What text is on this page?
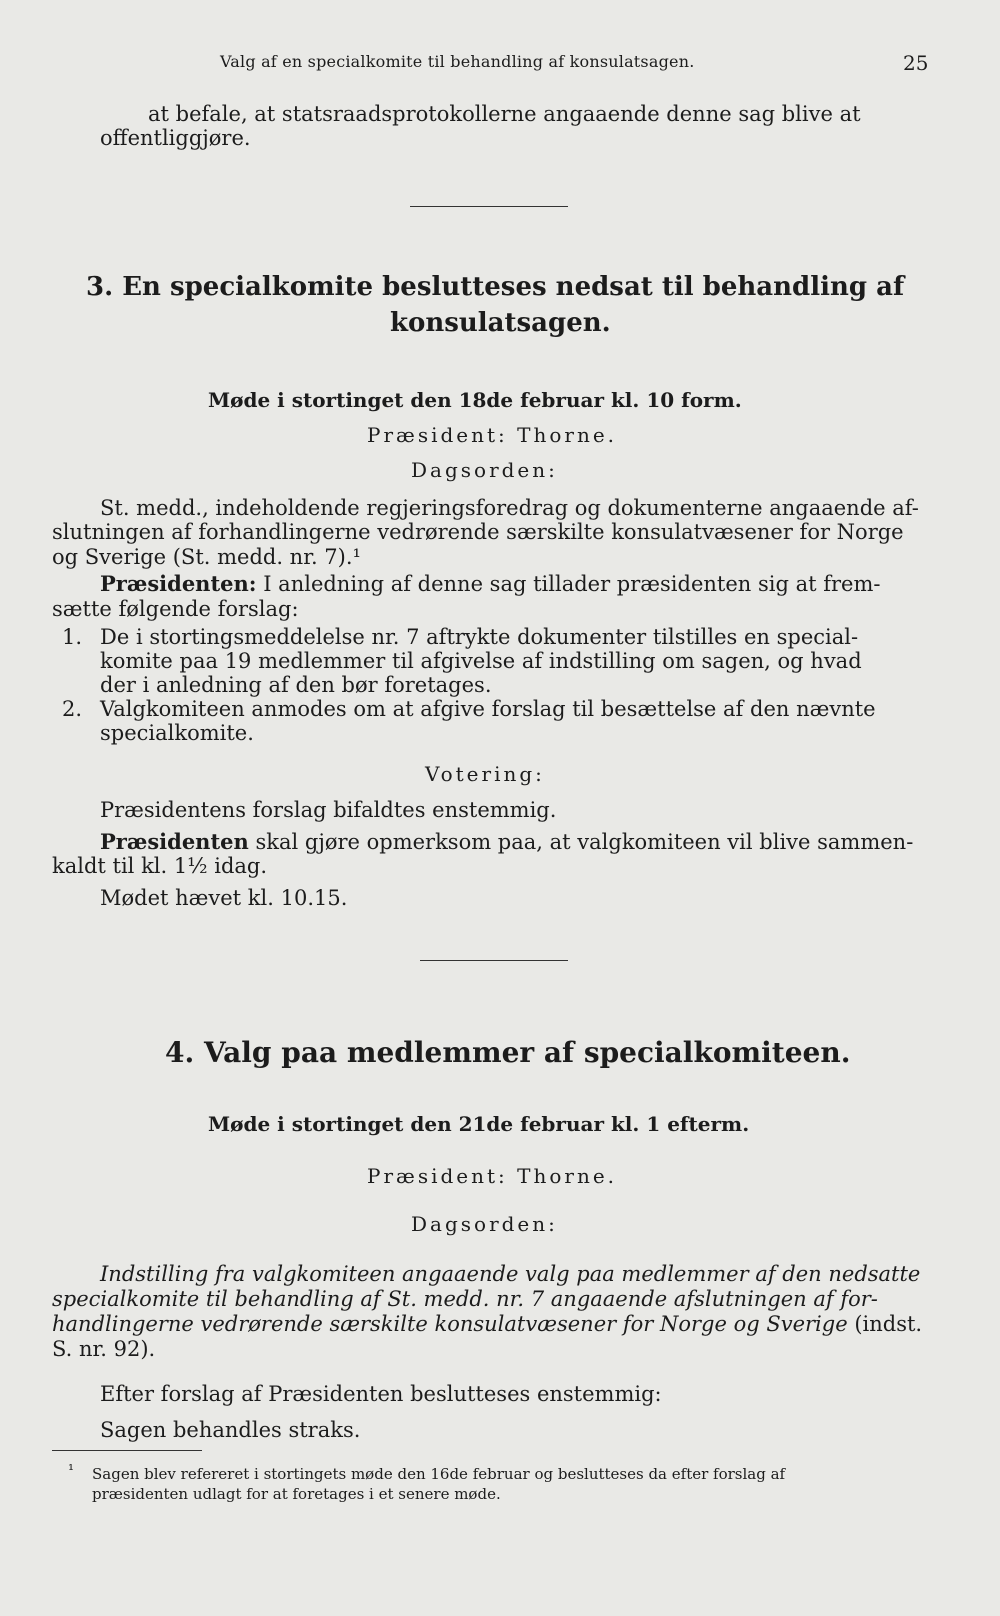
Valg af en specialkomite til behandling af konsulatsagen.	25
at befale, at statsraadsprotokollerne angaaende denne sag blive at
offentliggjøre.
3. En specialkomite beslutteses nedsat til behandling af
konsulatsagen.
Møde i stortinget den 18de februar kl. 10 form.
Præsident: Thorne.
Dagsorden:
St. medd., indeholdende regjeringsforedrag og dokumenterne angaaende af-
slutningen af forhandlingerne vedrørende særskilte konsulatvæsener for Norge
og Sverige (St. medd. nr. 7).¹
Præsidenten: I anledning af denne sag tillader præsidenten sig at frem-
sætte følgende forslag:
1. De i stortingsmeddelelse nr. 7 aftrykte dokumenter tilstilles en special-
komite paa 19 medlemmer til afgivelse af indstilling om sagen, og hvad
der i anledning af den bør foretages.
2. Valgkomiteen anmodes om at afgive forslag til besættelse af den nævnte
specialkomite.
Votering:
Præsidentens forslag bifaldtes enstemmig.
Præsidenten skal gjøre opmerksom paa, at valgkomiteen vil blive sammen-
kaldt til kl. 1½ idag.
Mødet hævet kl. 10.15.
4. Valg paa medlemmer af specialkomiteen.
Møde i stortinget den 21de februar kl. 1 efterm.
Præsident: Thorne.
Dagsorden:
Indstilling fra valgkomiteen angaaende valg paa medlemmer af den nedsatte
specialkomite til behandling af St. medd. nr. 7 angaaende afslutningen af for-
handlingerne vedrørende særskilte konsulatvæsener for Norge og Sverige (indst.
S. nr. 92).
Efter forslag af Præsidenten beslutteses enstemmig:
Sagen behandles straks.
¹ Sagen blev refereret i stortingets møde den 16de februar og beslutteses da efter forslag af
præsidenten udlagt for at foretages i et senere møde.
